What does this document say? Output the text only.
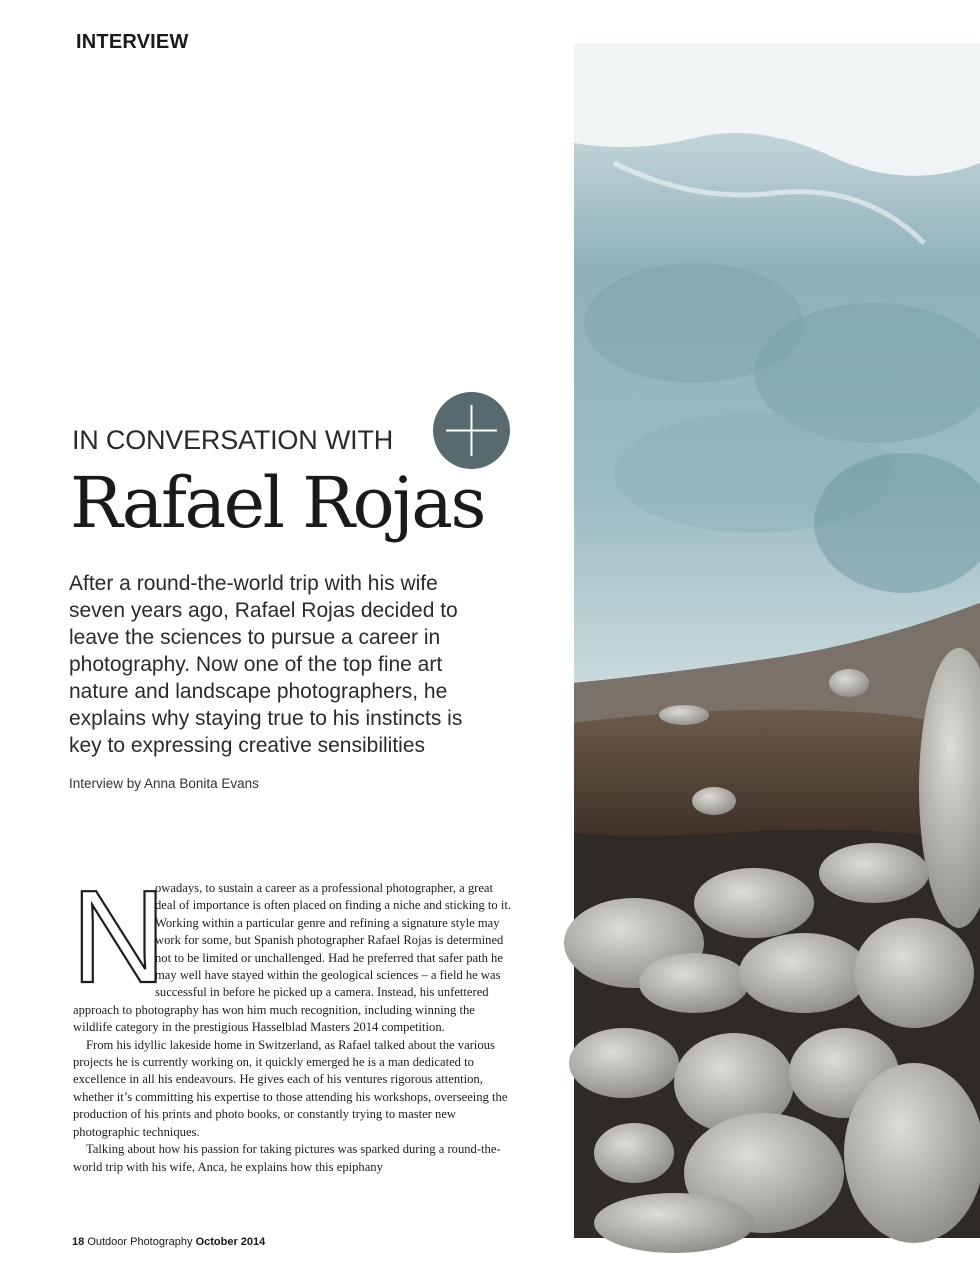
INTERVIEW
IN CONVERSATION WITH
Rafael Rojas
After a round-the-world trip with his wife seven years ago, Rafael Rojas decided to leave the sciences to pursue a career in photography. Now one of the top fine art nature and landscape photographers, he explains why staying true to his instincts is key to expressing creative sensibilities
Interview by Anna Bonita Evans
N

owadays, to sustain a career as a professional photographer, a great deal of importance is often placed on finding a niche and sticking to it. Working within a particular genre and refining a signature style may work for some, but Spanish photographer Rafael Rojas is determined not to be limited or unchallenged. Had he preferred that safer path he may well have stayed within the geological sciences – a field he was successful in before he picked up a camera. Instead, his unfettered approach to photography has won him much recognition, including winning the wildlife category in the prestigious Hasselblad Masters 2014 competition.

From his idyllic lakeside home in Switzerland, as Rafael talked about the various projects he is currently working on, it quickly emerged he is a man dedicated to excellence in all his endeavours. He gives each of his ventures rigorous attention, whether it’s committing his expertise to those attending his workshops, overseeing the production of his prints and photo books, or constantly trying to master new photographic techniques.

Talking about how his passion for taking pictures was sparked during a round-the-world trip with his wife, Anca, he explains how this epiphany

18 Outdoor Photography October 2014
